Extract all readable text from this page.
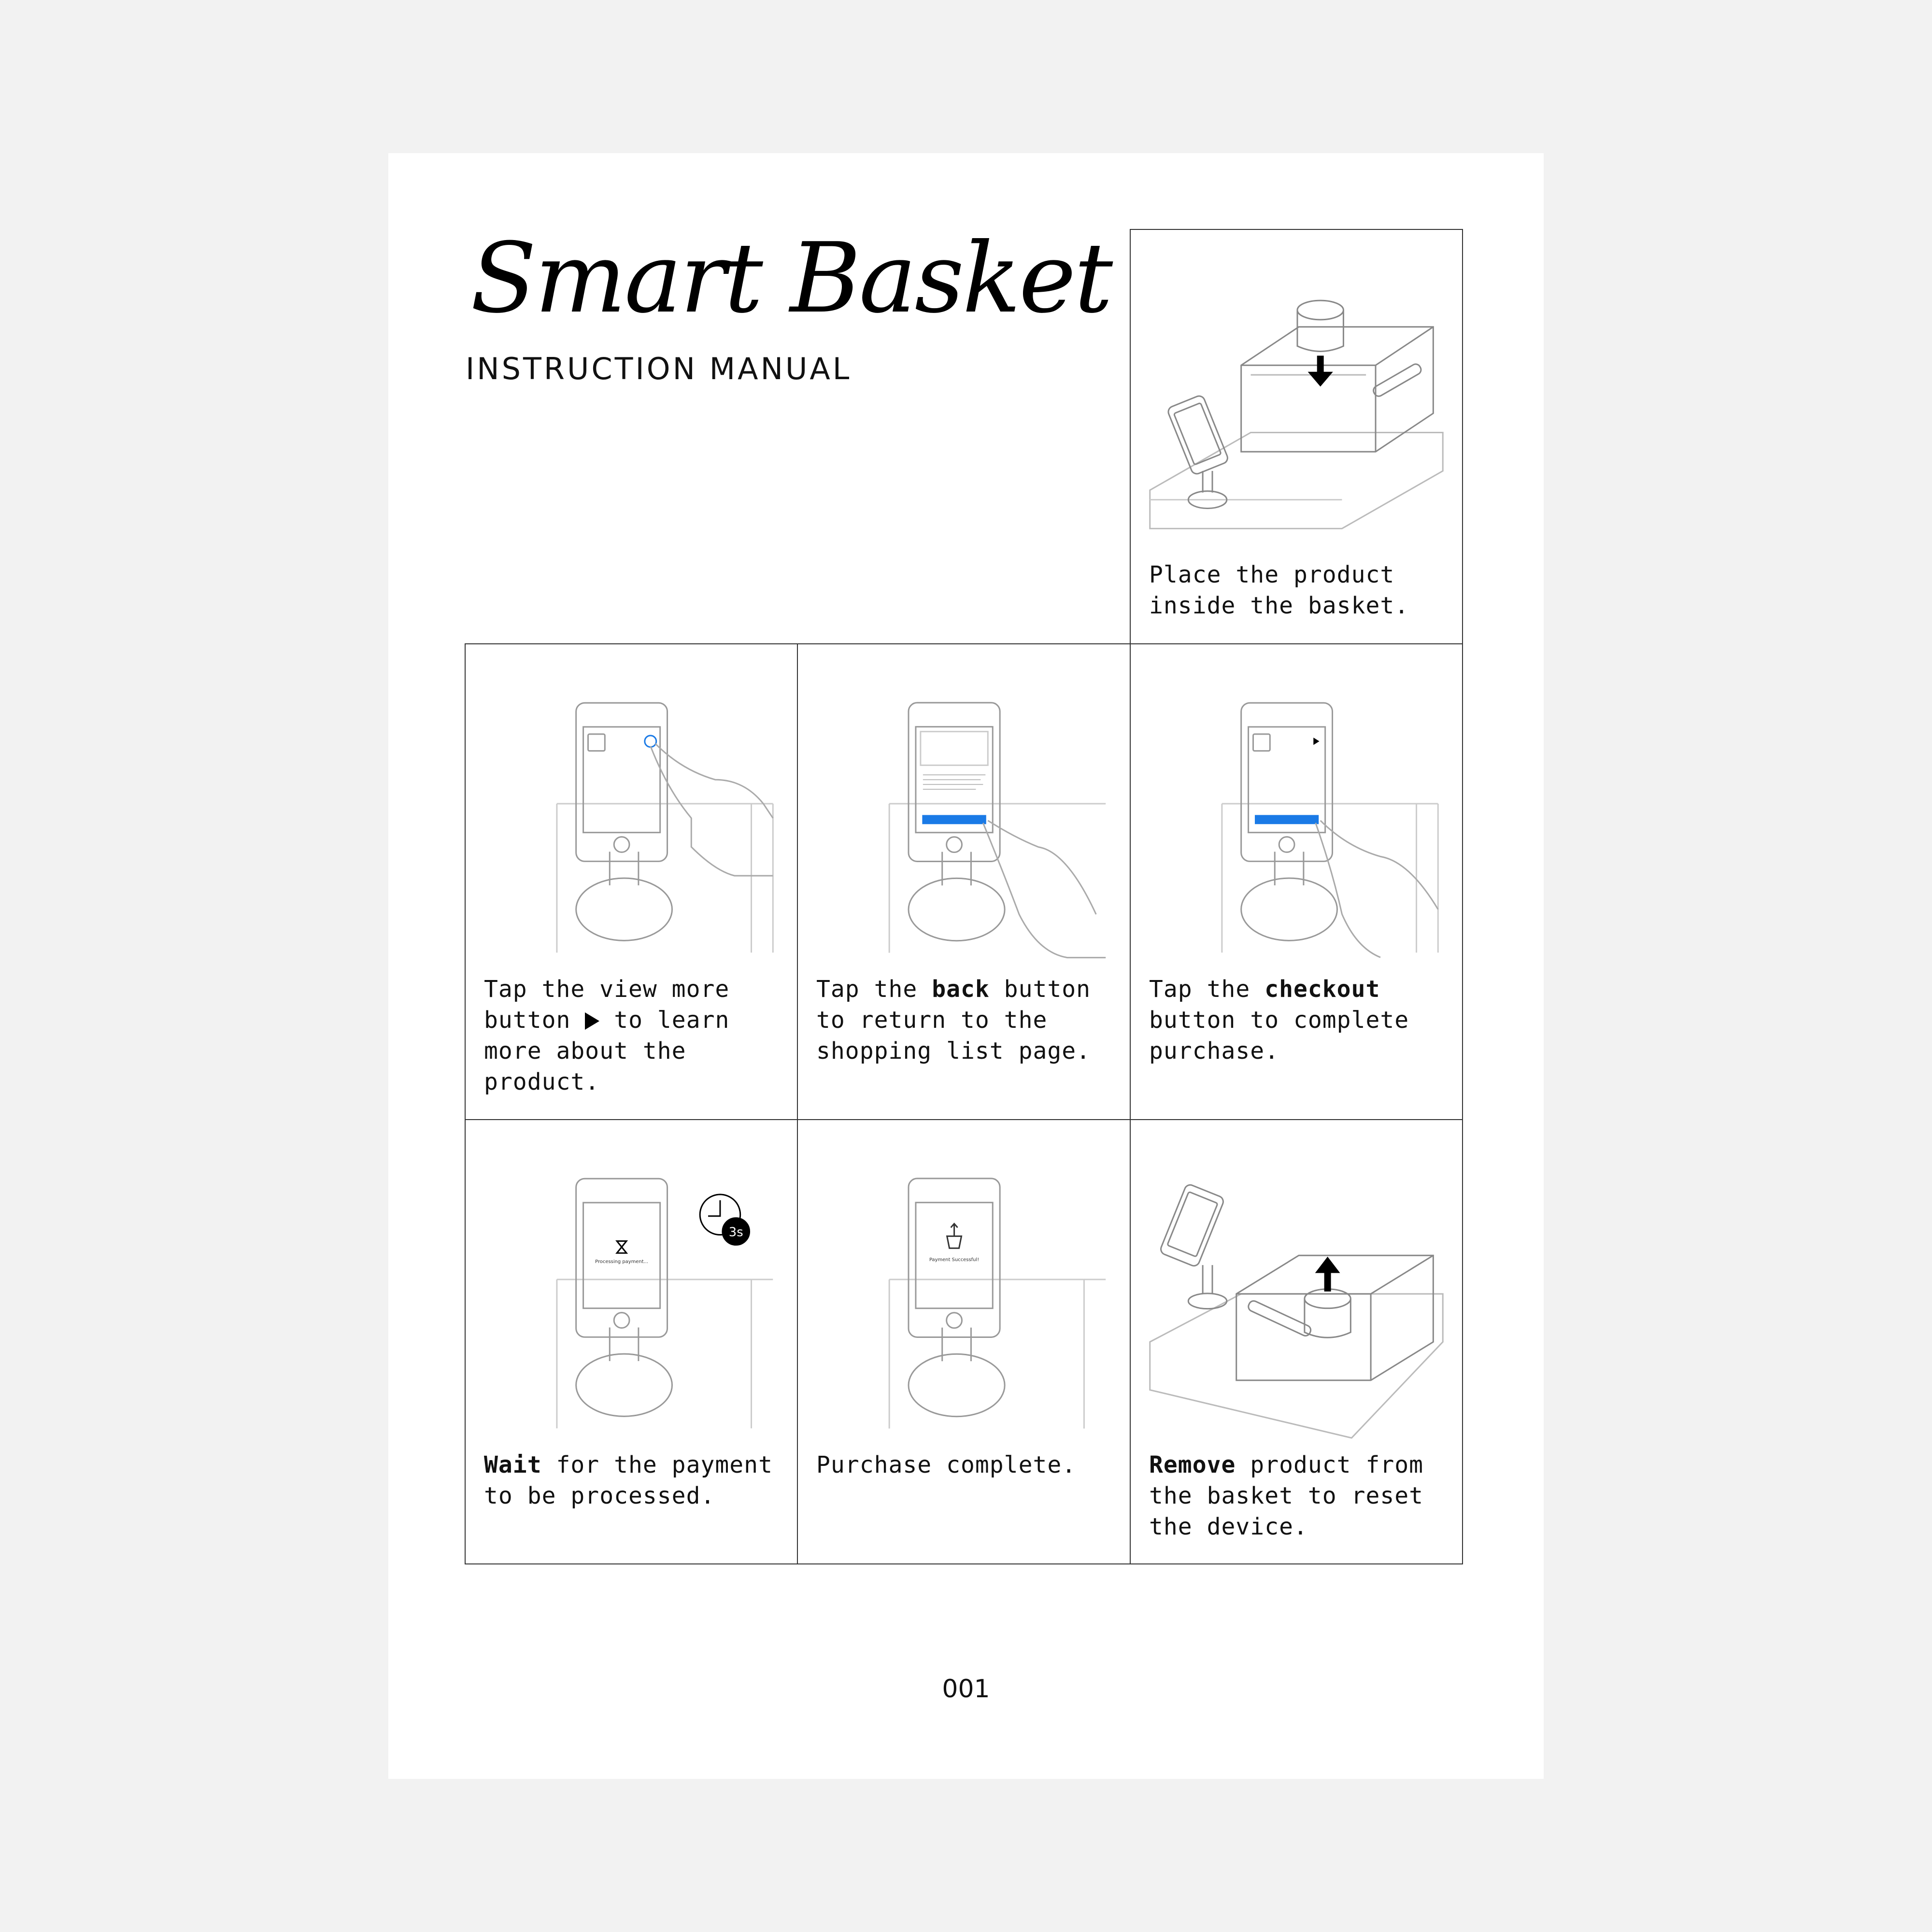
Smart Basket
INSTRUCTION MANUAL

Place the product inside the basket.

Tap the view more button  to learn more about the product.

Tap the back button to return to the shopping list page.

Tap the checkout button to complete purchase.

Processing payment...
3s

Wait for the payment to be processed.

Payment Successful!

Purchase complete.	Remove product from the basket to reset the device.

001
